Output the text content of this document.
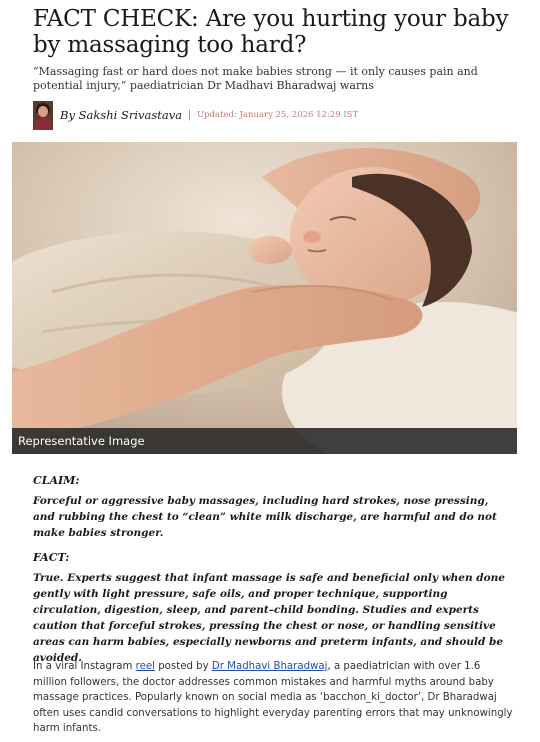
FACT CHECK: Are you hurting your baby by massaging too hard?

“Massaging fast or hard does not make babies strong — it only causes pain and potential injury,” paediatrician Dr Madhavi Bharadwaj warns

By Sakshi Srivastava | Updated: January 25, 2026 12:29 IST
Representative Image

CLAIM:

Forceful or aggressive baby massages, including hard strokes, nose pressing, and rubbing the chest to “clean” white milk discharge, are harmful and do not make babies stronger.

FACT:

True. Experts suggest that infant massage is safe and beneficial only when done gently with light pressure, safe oils, and proper technique, supporting circulation, digestion, sleep, and parent–child bonding. Studies and experts caution that forceful strokes, pressing the chest or nose, or handling sensitive areas can harm babies, especially newborns and preterm infants, and should be avoided.

In a viral Instagram reel posted by Dr Madhavi Bharadwaj, a paediatrician with over 1.6 million followers, the doctor addresses common mistakes and harmful myths around baby massage practices. Popularly known on social media as ‘bacchon_ki_doctor’, Dr Bharadwaj often uses candid conversations to highlight everyday parenting errors that may unknowingly harm infants.
